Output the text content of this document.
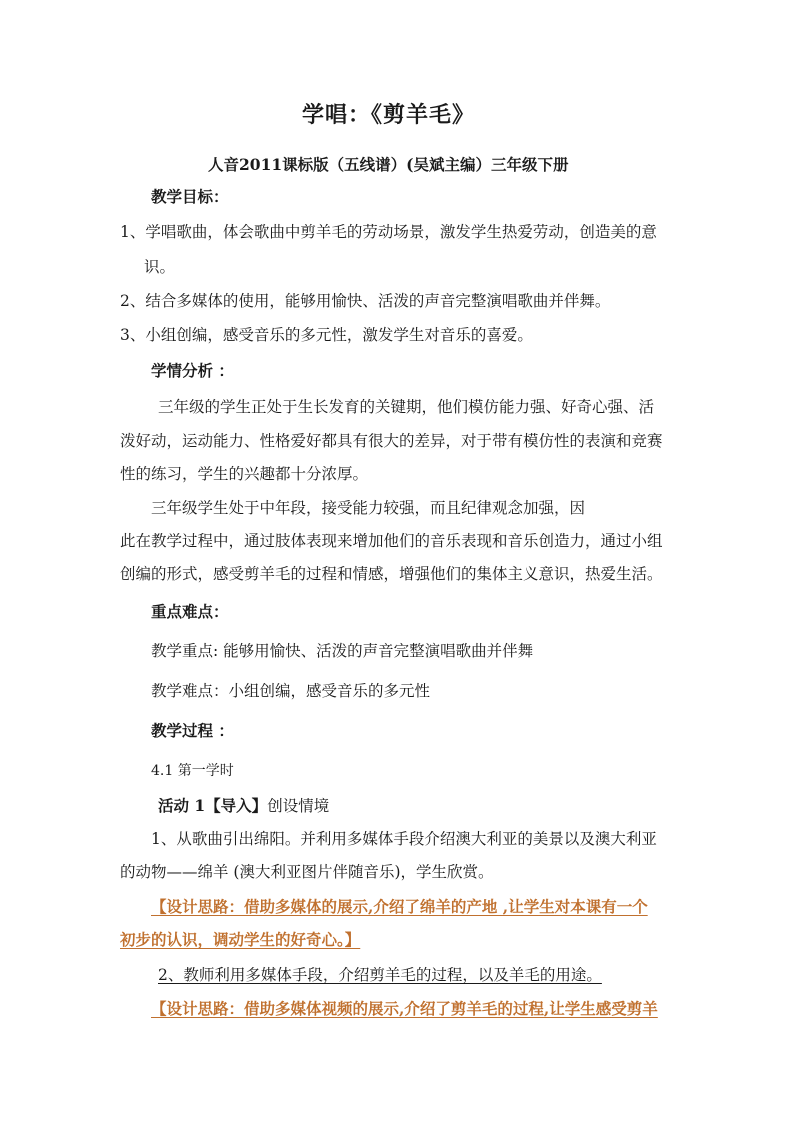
学唱：《剪羊毛》
人音2011课标版（五线谱）(吴斌主编）三年级下册
教学目标：
1、学唱歌曲，体会歌曲中剪羊毛的劳动场景，激发学生热爱劳动，创造美的意
识。
2、结合多媒体的使用，能够用愉快、活泼的声音完整演唱歌曲并伴舞。
3、小组创编，感受音乐的多元性，激发学生对音乐的喜爱。
学情分析 ：
三年级的学生正处于生长发育的关键期，他们模仿能力强、好奇心强、活
泼好动，运动能力、性格爱好都具有很大的差异，对于带有模仿性的表演和竞赛
性的练习，学生的兴趣都十分浓厚。
三年级学生处于中年段，接受能力较强，而且纪律观念加强，因
此在教学过程中，通过肢体表现来增加他们的音乐表现和音乐创造力，通过小组
创编的形式，感受剪羊毛的过程和情感，增强他们的集体主义意识，热爱生活。
重点难点：
教学重点: 能够用愉快、活泼的声音完整演唱歌曲并伴舞
教学难点：小组创编，感受音乐的多元性
教学过程 ：
4.1 第一学时
活动 1【导入】创设情境
1、从歌曲引出绵阳。并利用多媒体手段介绍澳大利亚的美景以及澳大利亚
的动物——绵羊 (澳大利亚图片伴随音乐)，学生欣赏。
【设计思路：借助多媒体的展示,介绍了绵羊的产地 ,让学生对本课有一个
初步的认识，调动学生的好奇心。】
2、教师利用多媒体手段，介绍剪羊毛的过程，以及羊毛的用途。
【设计思路：借助多媒体视频的展示,介绍了剪羊毛的过程,让学生感受剪羊
